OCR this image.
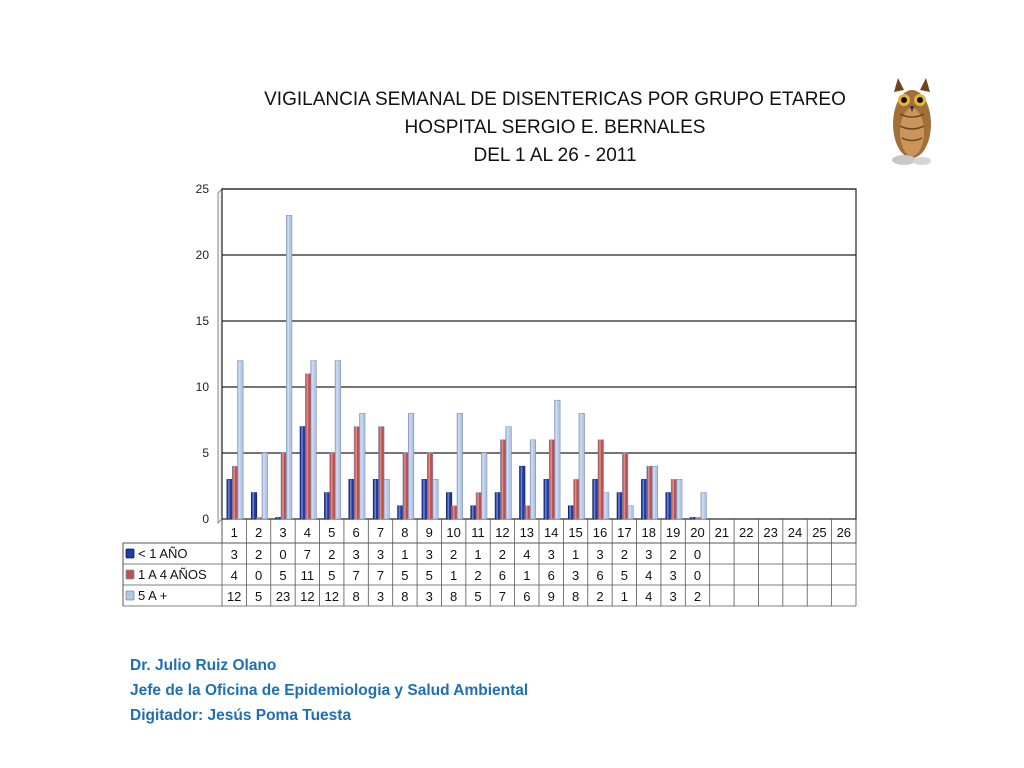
VIGILANCIA SEMANAL DE DISENTERICAS POR GRUPO ETAREO
HOSPITAL SERGIO E. BERNALES
DEL 1 AL 26 - 2011
0
5
10
15
20
25
1 2 3 4 5 6 7 8 9 10 11 12 13 14 15 16 17 18 19 20 21 22 23 24 25 26
< 1 AÑO	3 2 0 7 2 3 3 1 3 2 1 2 4 3 1 3 2 3 2 0
1 A 4 AÑOS 4 0 5 11 5 7 7 5 5 1 2 6 1 6 3 6 5 4 3 0
5 A +	12 5 23 12 12 8 3 8 3 8 5 7 6 9 8 2 1 4 3 2
Dr. Julio Ruiz Olano
Jefe de la Oficina de Epidemiologia y Salud Ambiental
Digitador: Jesús Poma Tuesta
